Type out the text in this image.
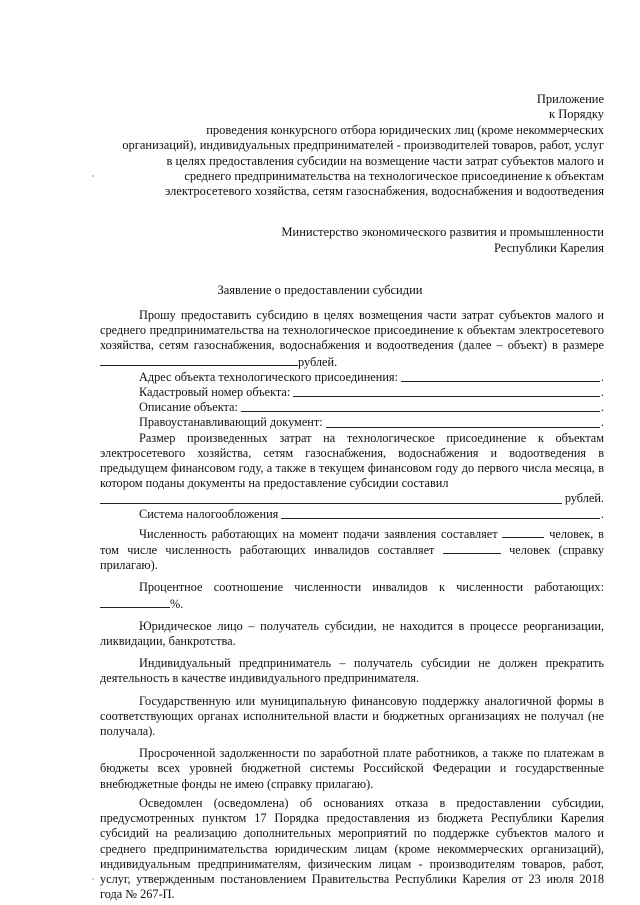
Приложение
к Порядку
проведения конкурсного отбора юридических лиц (кроме некоммерческих
организаций), индивидуальных предпринимателей - производителей товаров, работ, услуг
в целях предоставления субсидии на возмещение части затрат субъектов малого и
среднего предпринимательства на технологическое присоединение к объектам
электросетевого хозяйства, сетям газоснабжения, водоснабжения и водоотведения
Министерство экономического развития и промышленности
Республики Карелия
Заявление о предоставлении субсидии

Прошу предоставить субсидию в целях возмещения части затрат субъектов малого и среднего предпринимательства на технологическое присоединение к объектам электросетевого хозяйства, сетям газоснабжения, водоснабжения и водоотведения (далее – объект) в размере рублей.

Адрес объекта технологического присоединения:	.
Кадастровый номер объекта:	.
Описание объекта:	.
Правоустанавливающий документ:	.

Размер произведенных затрат на технологическое присоединение к объектам электросетевого хозяйства, сетям газоснабжения, водоснабжения и водоотведения в предыдущем финансовом году, а также в текущем финансовом году до первого числа месяца, в котором поданы документы на предоставление субсидии составил

рублей.
Система налогообложения	.

Численность работающих на момент подачи заявления составляет	человек, в том числе численность работающих инвалидов составляет	человек (справку прилагаю).

Процентное соотношение численности инвалидов к численности работающих: %.

Юридическое лицо – получатель субсидии, не находится в процессе реорганизации, ликвидации, банкротства.

Индивидуальный предприниматель – получатель субсидии не должен прекратить деятельность в качестве индивидуального предпринимателя.

Государственную или муниципальную финансовую поддержку аналогичной формы в соответствующих органах исполнительной власти и бюджетных организациях не получал (не получала).

Просроченной задолженности по заработной плате работников, а также по платежам в бюджеты всех уровней бюджетной системы Российской Федерации и государственные внебюджетные фонды не имею (справку прилагаю).

Осведомлен (осведомлена) об основаниях отказа в предоставлении субсидии, предусмотренных пунктом 17 Порядка предоставления из бюджета Республики Карелия субсидий на реализацию дополнительных мероприятий по поддержке субъектов малого и среднего предпринимательства юридическим лицам (кроме некоммерческих организаций), индивидуальным предпринимателям, физическим лицам - производителям товаров, работ, услуг, утвержденным постановлением Правительства Республики Карелия от 23 июля 2018 года № 267-П.
